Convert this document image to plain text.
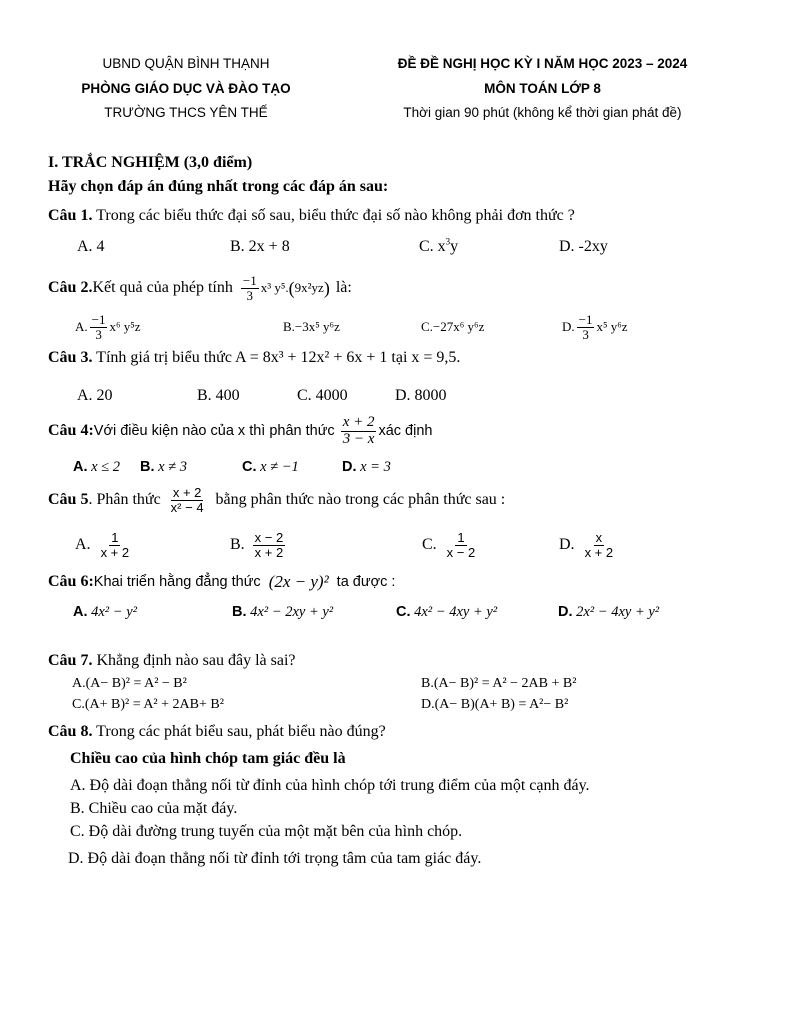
UBND QUẬN BÌNH THẠNH
PHÒNG GIÁO DỤC VÀ ĐÀO TẠO
TRƯỜNG THCS YÊN THẾ
ĐỀ ĐỀ NGHỊ HỌC KỲ I NĂM HỌC 2023 – 2024
MÔN TOÁN LỚP 8
Thời gian 90 phút (không kể thời gian phát đề)
I. TRẮC NGHIỆM (3,0 điểm)
Hãy chọn đáp án đúng nhất trong các đáp án sau:
Câu 1. Trong các biểu thức đại số sau, biểu thức đại số nào không phải đơn thức ?
A. 4	B. 2x + 8	C. $x^3y$	D. -2xy
Câu 2. Kết quả của phép tính $\frac{-1}{3} x^3$ y⁵. ( 9x²yz ) là:
A. $\frac{-1}{3} x^6$ y⁵z	B.−3x⁵ y⁶z	C.−27x⁶ y⁶z	D. $\frac{-1}{3} x^5$ y⁶z
Câu 3. Tính giá trị biểu thức A = 8x³ + 12x² + 6x + 1 tại x = 9,5.
A. 20	B. 400	C. 4000	D. 8000
Câu 4: Với điều kiện nào của x thì phân thức $\frac{x + 2}{3 - x}$ xác định
A. x ≤ 2 B. x ≠ 3	C. x ≠ −1	D. x = 3
Câu 5 . Phân thức $\frac{x + 2}{\text{x² − 4}}$ bằng phân thức nào trong các phân thức sau :
A. $\frac{1}{x + 2}$	B. $\frac{x - 2}{x + 2}$	C. $\frac{1}{x - 2}$	D. $\frac{x}{x + 2}$
Câu 6: Khai triển hằng đẳng thức (2x − y)² ta được :
A. 4x² − y²	B. 4x² − 2xy + y²	C. 4x² − 4xy + y²	D. 2x² − 4xy + y²
Câu 7. Khẳng định nào sau đây là sai?
A.(A− B)² = A² − B²	B.(A− B)² = A² − 2AB + B²
C.(A+ B)² = A² + 2AB+ B²	D.(A− B)(A+ B) = A²− B²
Câu 8. Trong các phát biểu sau, phát biểu nào đúng?
Chiều cao của hình chóp tam giác đều là
A. Độ dài đoạn thẳng nối từ đỉnh của hình chóp tới trung điểm của một cạnh đáy.
B. Chiều cao của mặt đáy.
C. Độ dài đường trung tuyến của một mặt bên của hình chóp.
D. Độ dài đoạn thẳng nối từ đỉnh tới trọng tâm của tam giác đáy.
